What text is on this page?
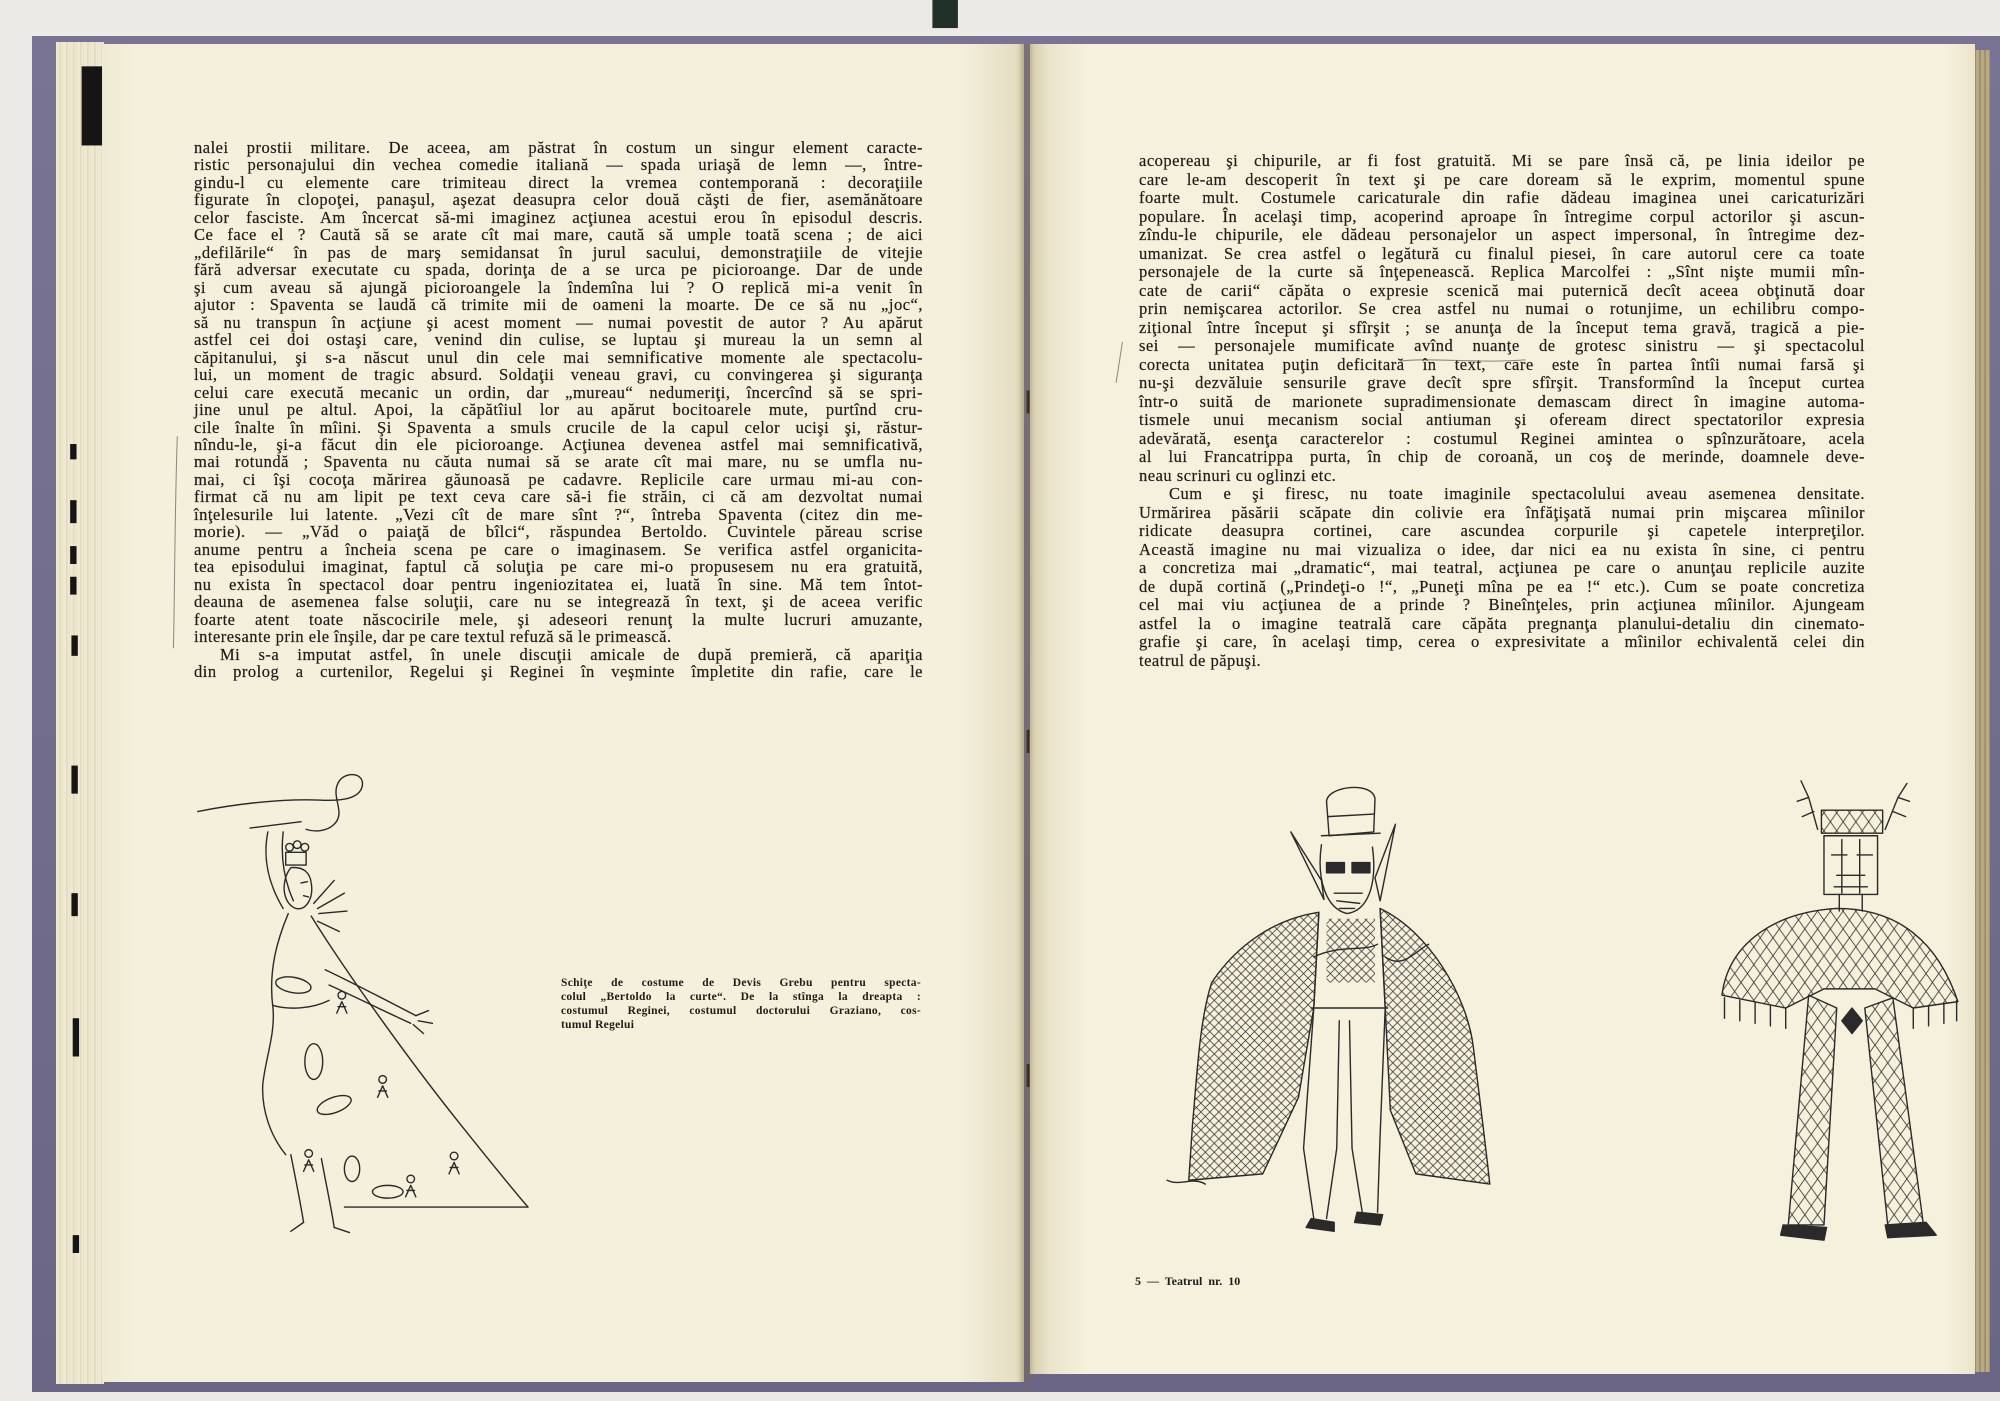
nalei prostii militare. De aceea, am păstrat în costum un singur element caracte-
ristic personajului din vechea comedie italiană — spada uriaşă de lemn —, între-
gindu-l cu elemente care trimiteau direct la vremea contemporană : decoraţiile
figurate în clopoţei, panaşul, aşezat deasupra celor două căşti de fier, asemănătoare
celor fasciste. Am încercat să-mi imaginez acţiunea acestui erou în episodul descris.
Ce face el ? Caută să se arate cît mai mare, caută să umple toată scena ; de aici
„defilările“ în pas de marş semidansat în jurul sacului, demonstraţiile de vitejie
fără adversar executate cu spada, dorinţa de a se urca pe picioroange. Dar de unde
şi cum aveau să ajungă picioroangele la îndemîna lui ? O replică mi-a venit în
ajutor : Spaventa se laudă că trimite mii de oameni la moarte. De ce să nu „joc“,
să nu transpun în acţiune şi acest moment — numai povestit de autor ? Au apărut
astfel cei doi ostaşi care, venind din culise, se luptau şi mureau la un semn al
căpitanului, şi s-a născut unul din cele mai semnificative momente ale spectacolu-
lui, un moment de tragic absurd. Soldaţii veneau gravi, cu convingerea şi siguranţa
celui care execută mecanic un ordin, dar „mureau“ nedumeriţi, încercînd să se spri-
jine unul pe altul. Apoi, la căpătîiul lor au apărut bocitoarele mute, purtînd cru-
cile înalte în mîini. Şi Spaventa a smuls crucile de la capul celor ucişi şi, răstur-
nîndu-le, şi-a făcut din ele picioroange. Acţiunea devenea astfel mai semnificativă,
mai rotundă ; Spaventa nu căuta numai să se arate cît mai mare, nu se umfla nu-
mai, ci îşi cocoţa mărirea găunoasă pe cadavre. Replicile care urmau mi-au con-
firmat că nu am lipit pe text ceva care să-i fie străin, ci că am dezvoltat numai
înţelesurile lui latente. „Vezi cît de mare sînt ?“, întreba Spaventa (citez din me-
morie). — „Văd o paiaţă de bîlci“, răspundea Bertoldo. Cuvintele păreau scrise
anume pentru a încheia scena pe care o imaginasem. Se verifica astfel organicita-
tea episodului imaginat, faptul că soluţia pe care mi-o propusesem nu era gratuită,
nu exista în spectacol doar pentru ingeniozitatea ei, luată în sine. Mă tem întot-
deauna de asemenea false soluţii, care nu se integrează în text, şi de aceea verific
foarte atent toate născocirile mele, şi adeseori renunţ la multe lucruri amuzante,
interesante prin ele înşile, dar pe care textul refuză să le primească.
Mi s-a imputat astfel, în unele discuţii amicale de după premieră, că apariţia
din prolog a curtenilor, Regelui şi Reginei în veşminte împletite din rafie, care le
acopereau şi chipurile, ar fi fost gratuită. Mi se pare însă că, pe linia ideilor pe
care le-am descoperit în text şi pe care doream să le exprim, momentul spune
foarte mult. Costumele caricaturale din rafie dădeau imaginea unei caricaturizări
populare. În acelaşi timp, acoperind aproape în întregime corpul actorilor şi ascun-
zîndu-le chipurile, ele dădeau personajelor un aspect impersonal, în întregime dez-
umanizat. Se crea astfel o legătură cu finalul piesei, în care autorul cere ca toate
personajele de la curte să înţepenească. Replica Marcolfei : „Sînt nişte mumii mîn-
cate de carii“ căpăta o expresie scenică mai puternică decît aceea obţinută doar
prin nemişcarea actorilor. Se crea astfel nu numai o rotunjime, un echilibru compo-
ziţional între început şi sfîrşit ; se anunţa de la început tema gravă, tragică a pie-
sei — personajele mumificate avînd nuanţe de grotesc sinistru — şi spectacolul
corecta unitatea puţin deficitară în text, care este în partea întîi numai farsă şi
nu-şi dezvăluie sensurile grave decît spre sfîrşit. Transformînd la început curtea
într-o suită de marionete supradimensionate demascam direct în imagine automa-
tismele unui mecanism social antiuman şi ofeream direct spectatorilor expresia
adevărată, esenţa caracterelor : costumul Reginei amintea o spînzurătoare, acela
al lui Francatrippa purta, în chip de coroană, un coş de merinde, doamnele deve-
neau scrinuri cu oglinzi etc.
Cum e şi firesc, nu toate imaginile spectacolului aveau asemenea densitate.
Urmărirea păsării scăpate din colivie era înfăţişată numai prin mişcarea mîinilor
ridicate deasupra cortinei, care ascundea corpurile şi capetele interpreţilor.
Această imagine nu mai vizualiza o idee, dar nici ea nu exista în sine, ci pentru
a concretiza mai „dramatic“, mai teatral, acţiunea pe care o anunţau replicile auzite
de după cortină („Prindeţi-o !“, „Puneţi mîna pe ea !“ etc.). Cum se poate concretiza
cel mai viu acţiunea de a prinde ? Bineînţeles, prin acţiunea mîinilor. Ajungeam
astfel la o imagine teatrală care căpăta pregnanţa planului-detaliu din cinemato-
grafie şi care, în acelaşi timp, cerea o expresivitate a mîinilor echivalentă celei din
teatrul de păpuşi.
Schiţe de costume de Devis Grebu pentru specta-
colul „Bertoldo la curte“. De la stînga la dreapta :
costumul Reginei, costumul doctorului Graziano, cos-
tumul Regelui
5 — Teatrul nr. 10
